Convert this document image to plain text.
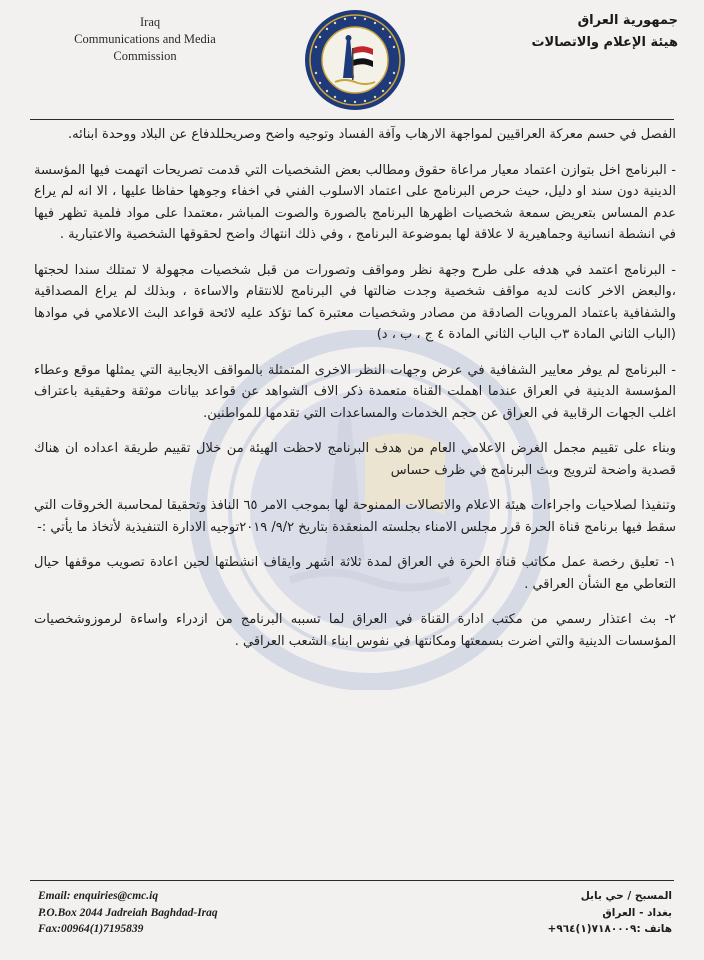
Iraq
Communications and Media
Commission
جمهورية العراق
هيئة الإعلام والاتصالات

الفصل في حسم معركة العراقيين لمواجهة الارهاب وآفة الفساد وتوجيه واضح وصريحللدفاع عن البلاد ووحدة ابنائه.

- البرنامج اخل بتوازن اعتماد معيار مراعاة حقوق ومطالب بعض الشخصيات التي قدمت تصريحات اتهمت فيها المؤسسة الدينية دون سند او دليل، حيث حرص البرنامج على اعتماد الاسلوب الفني في اخفاء وجوهها حفاظا عليها ، الا انه لم يراع عدم المساس بتعريض سمعة شخصيات اظهرها البرنامج بالصورة والصوت المباشر ،معتمدا على مواد فلمية تظهر فيها في انشطة انسانية وجماهيرية لا علاقة لها بموضوعة البرنامج ، وفي ذلك انتهاك واضح لحقوقها الشخصية والاعتبارية .

- البرنامج اعتمد في هدفه على طرح وجهة نظر ومواقف وتصورات من قبل شخصيات مجهولة لا تمتلك سندا لحجتها ،والبعض الاخر كانت لديه مواقف شخصية وجدت ضالتها في البرنامج للانتقام والاساءة ، وبذلك لم يراع المصداقية والشفافية باعتماد المرويات الصادقة من مصادر وشخصيات معتبرة كما تؤكد عليه لائحة قواعد البث الاعلامي في موادها (الباب الثاني المادة ٣ب الباب الثاني المادة ٤ ج ، ب ، د)

- البرنامج لم يوفر معايير الشفافية في عرض وجهات النظر الاخرى المتمثلة بالمواقف الايجابية التي يمثلها موقع وعطاء المؤسسة الدينية في العراق عندما اهملت القناة متعمدة ذكر الاف الشواهد عن قواعد بيانات موثقة وحقيقية باعتراف اغلب الجهات الرقابية في العراق عن حجم الخدمات والمساعدات التي تقدمها للمواطنين.

وبناء على تقييم مجمل الغرض الاعلامي العام من هدف البرنامج لاحظت الهيئة من خلال تقييم طريقة اعداده ان هناك قصدية واضحة لترويج وبث البرنامج في ظرف حساس

وتنفيذا لصلاحيات واجراءات هيئة الاعلام والاتصالات الممنوحة لها بموجب الامر ٦٥ النافذ وتحقيقا لمحاسبة الخروقات التي سقط فيها برنامج قناة الحرة قرر مجلس الامناء بجلسته المنعقدة بتاريخ ٩/٢/ ٢٠١٩توجيه الادارة التنفيذية لأتخاذ ما يأتي :-

١- تعليق رخصة عمل مكاتب قناة الحرة في العراق لمدة ثلاثة اشهر وايقاف انشطتها لحين اعادة تصويب موقفها حيال التعاطي مع الشأن العراقي .

٢- بث اعتذار رسمي من مكتب ادارة القناة في العراق لما تسببه البرنامج من ازدراء واساءة لرموزوشخصيات المؤسسات الدينية والتي اضرت بسمعتها ومكانتها في نفوس ابناء الشعب العراقي .

Email: enquiries@cmc.iq
P.O.Box 2044 Jadreiah Baghdad-Iraq
Fax:00964(1)7195839
المسبح / حي بابل
بغداد - العراق
هاتف :٧١٨٠٠٠٩(١)٩٦٤+
